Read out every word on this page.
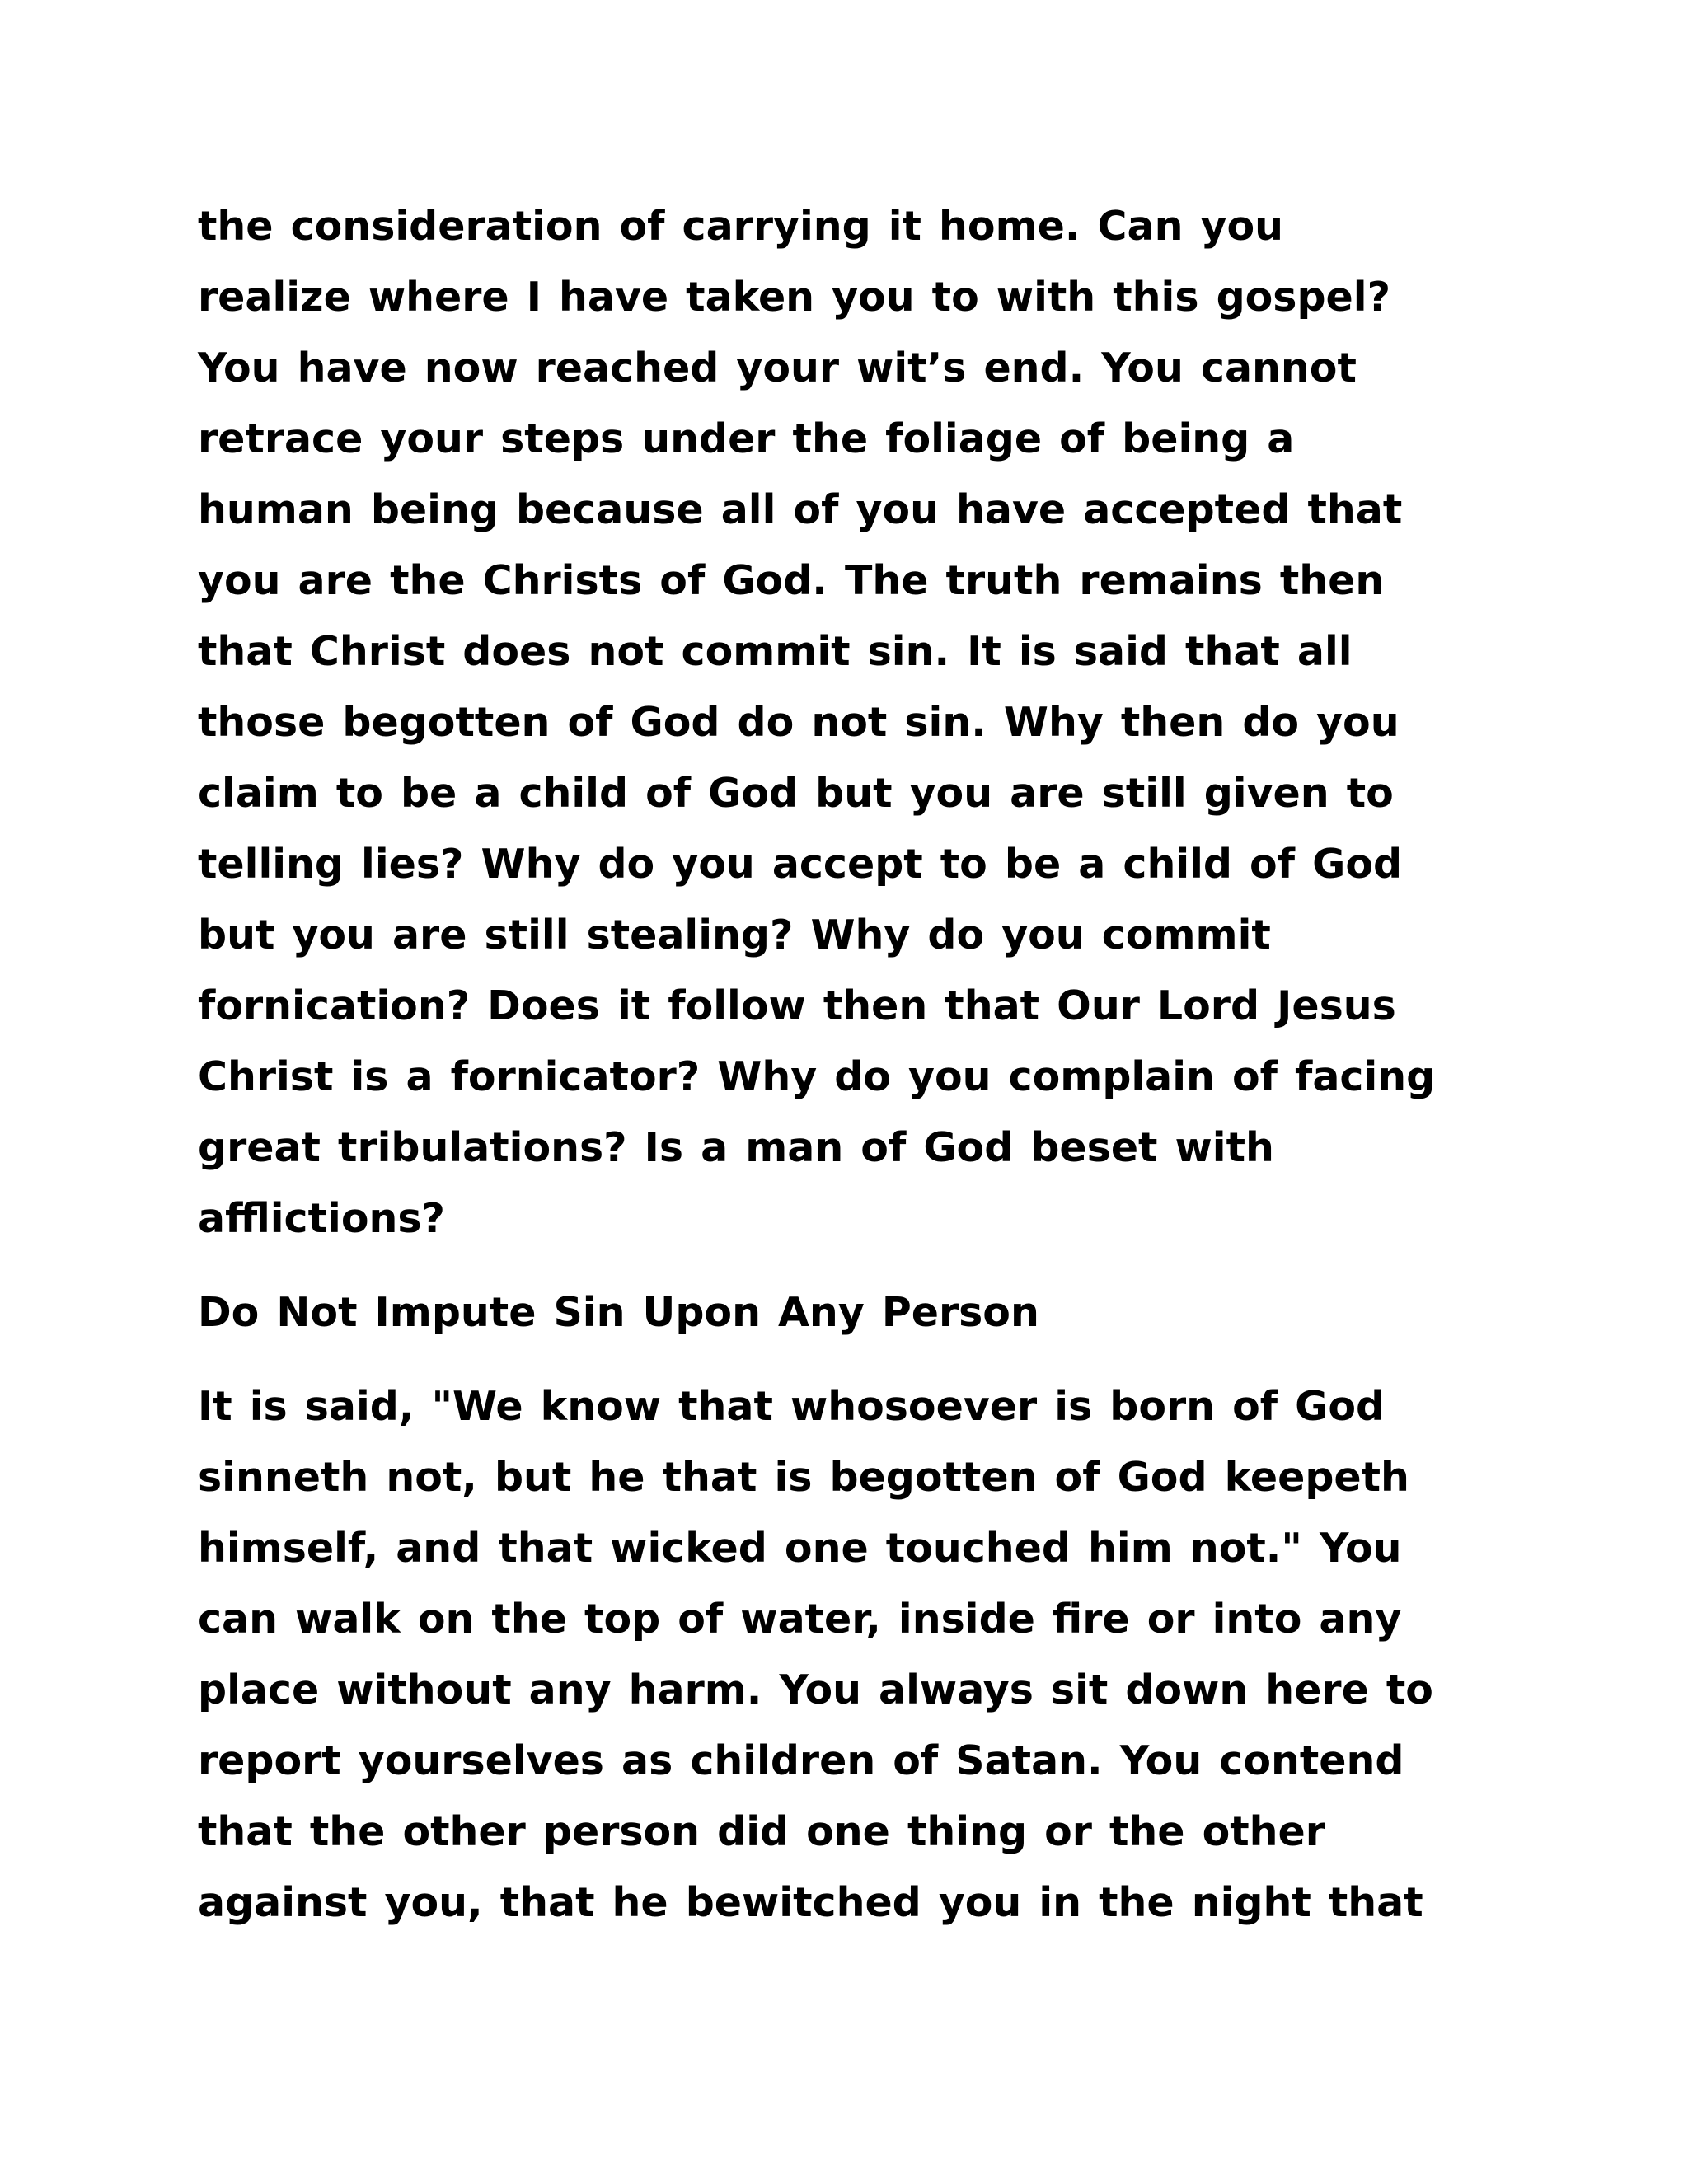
the consideration of carrying it home. Can you
realize where I have taken you to with this gospel?
You have now reached your wit’s end. You cannot
retrace your steps under the foliage of being a
human being because all of you have accepted that
you are the Christs of God. The truth remains then
that Christ does not commit sin. It is said that all
those begotten of God do not sin. Why then do you
claim to be a child of God but you are still given to
telling lies? Why do you accept to be a child of God
but you are still stealing? Why do you commit
fornication? Does it follow then that Our Lord Jesus
Christ is a fornicator? Why do you complain of facing
great tribulations? Is a man of God beset with
afflictions?

Do Not Impute Sin Upon Any Person

It is said, "We know that whosoever is born of God
sinneth not, but he that is begotten of God keepeth
himself, and that wicked one touched him not." You
can walk on the top of water, inside fire or into any
place without any harm. You always sit down here to
report yourselves as children of Satan. You contend
that the other person did one thing or the other
against you, that he bewitched you in the night that
